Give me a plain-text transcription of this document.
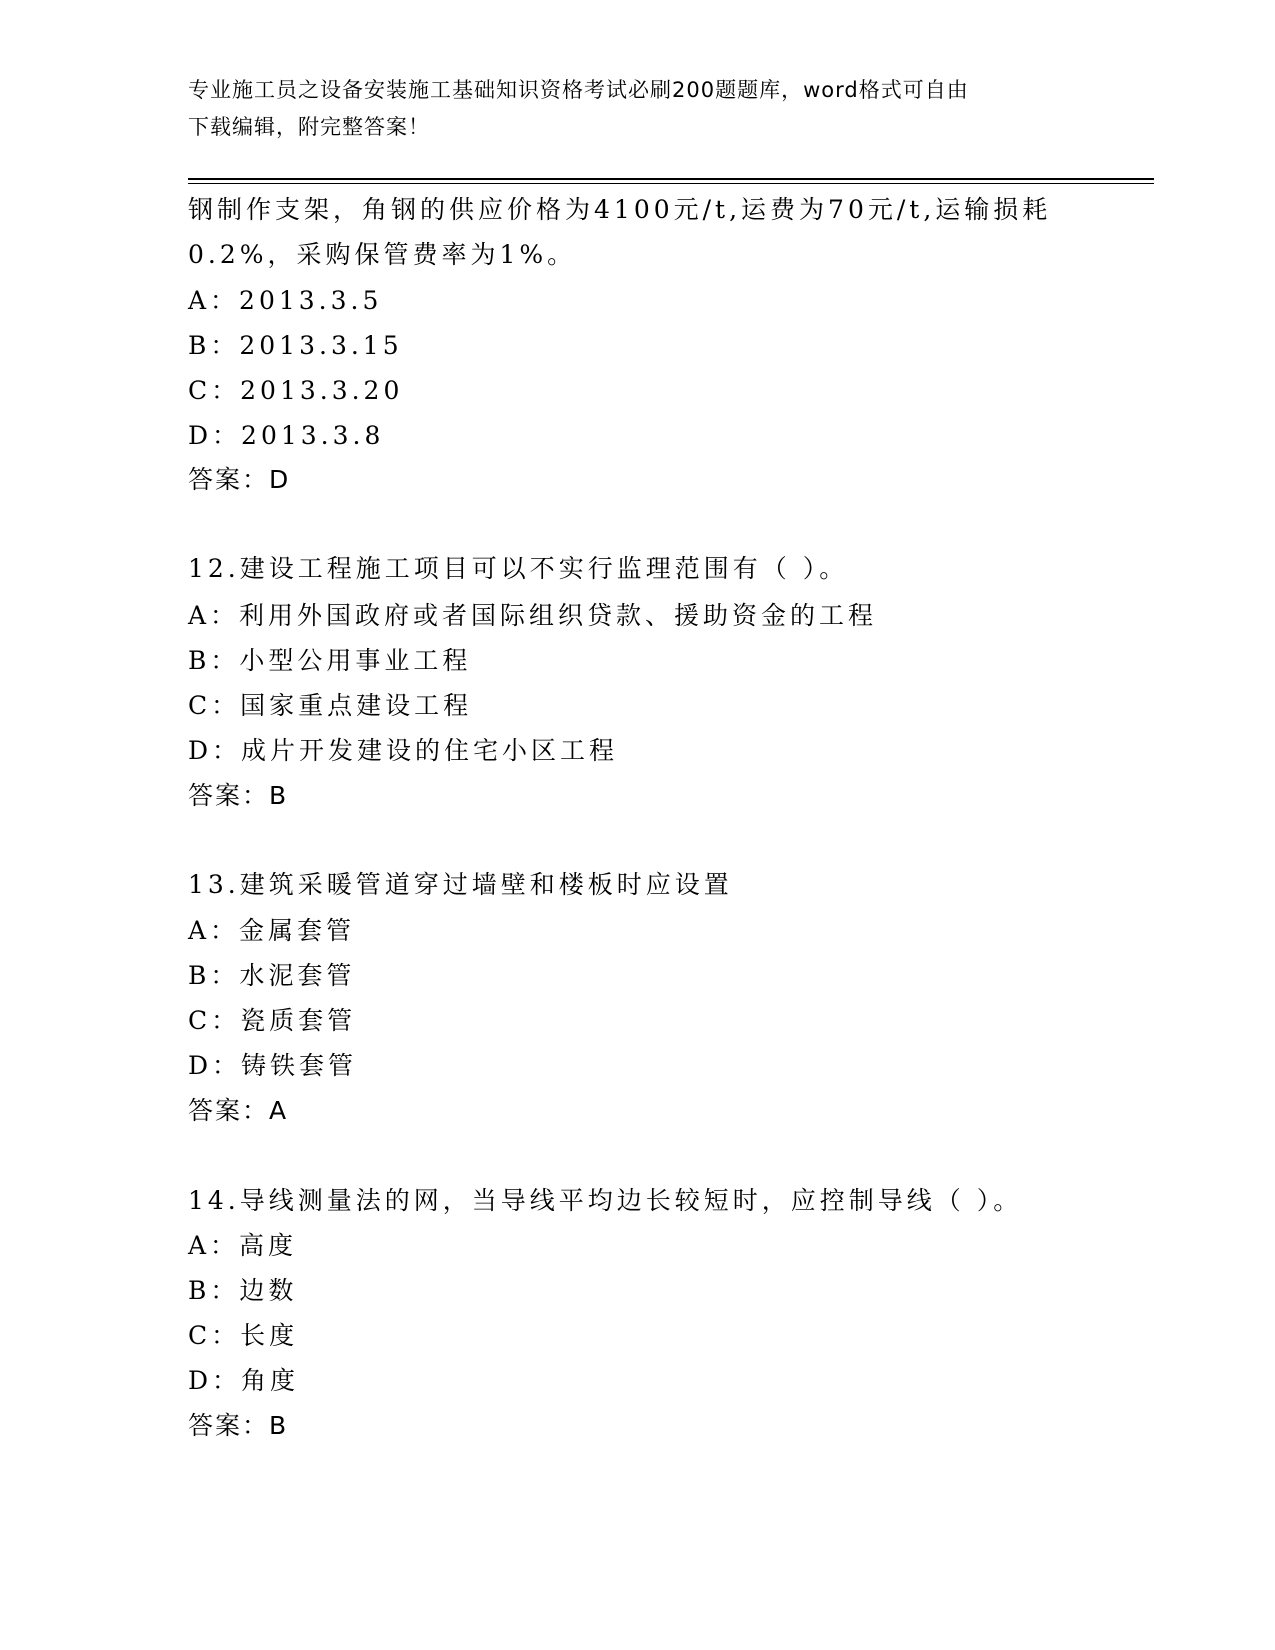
专业施工员之设备安装施工基础知识资格考试必刷200题题库，word格式可自由
下载编辑，附完整答案！
钢制作支架，角钢的供应价格为4100元/t,运费为70元/t,运输损耗
0.2%，采购保管费率为1%。
A：2013.3.5
B：2013.3.15
C：2013.3.20
D：2013.3.8
答案：D
12.建设工程施工项目可以不实行监理范围有（ ）。
A：利用外国政府或者国际组织贷款、援助资金的工程
B：小型公用事业工程
C：国家重点建设工程
D：成片开发建设的住宅小区工程
答案：B
13.建筑采暖管道穿过墙壁和楼板时应设置
A：金属套管
B：水泥套管
C：瓷质套管
D：铸铁套管
答案：A
14.导线测量法的网，当导线平均边长较短时，应控制导线（ ）。
A：高度
B：边数
C：长度
D：角度
答案：B
